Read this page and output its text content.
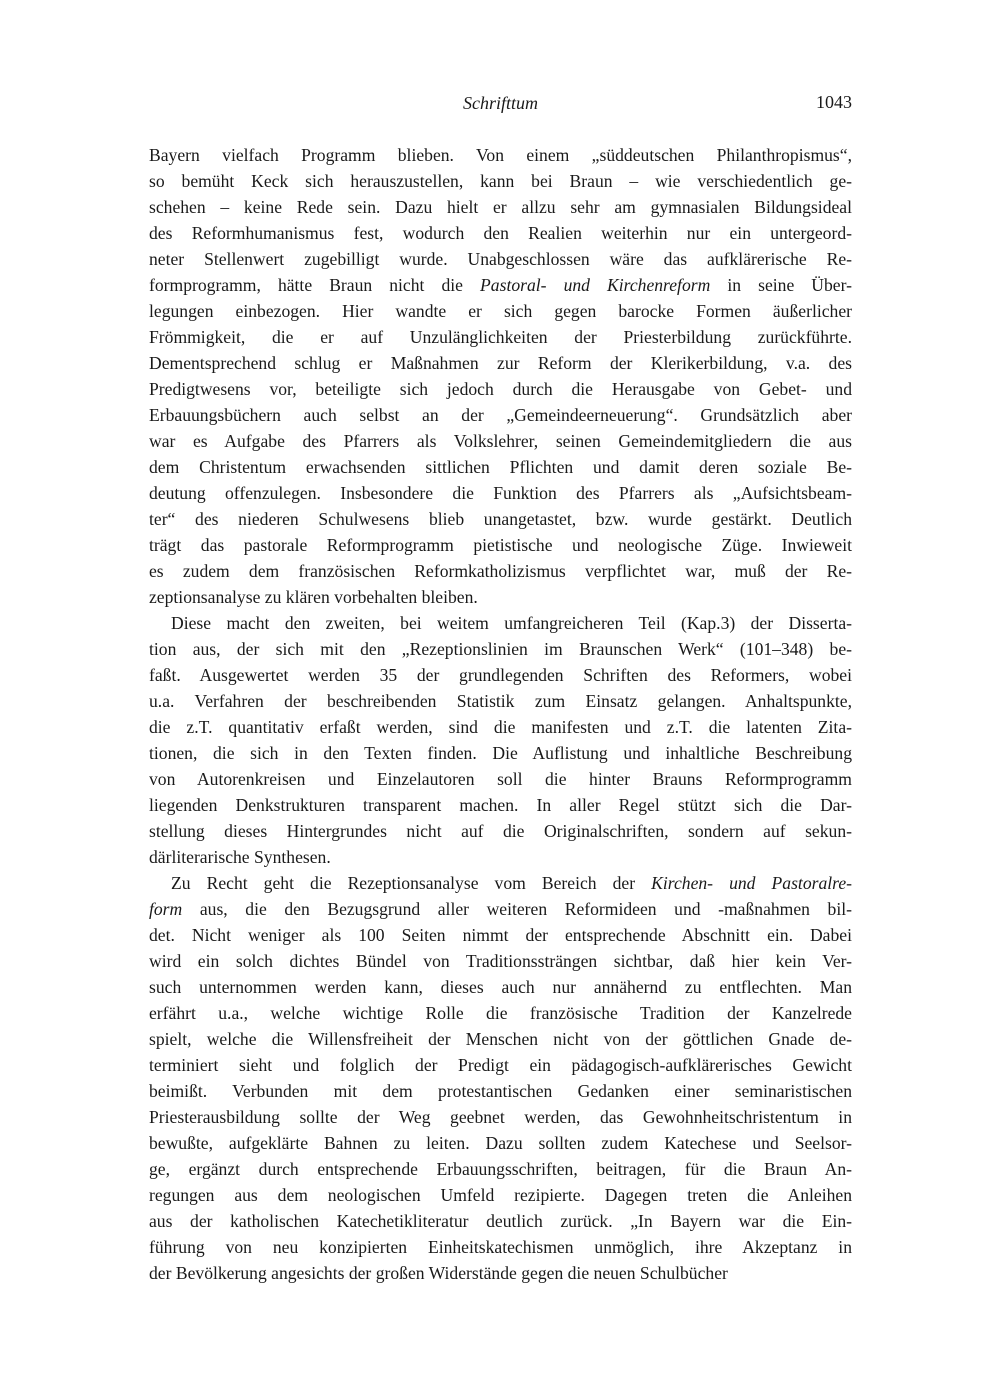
Schrifttum	1043
Bayern vielfach Programm blieben. Von einem „süddeutschen Philanthropismus“,
so bemüht Keck sich herauszustellen, kann bei Braun – wie verschiedentlich ge-
schehen – keine Rede sein. Dazu hielt er allzu sehr am gymnasialen Bildungsideal
des Reformhumanismus fest, wodurch den Realien weiterhin nur ein untergeord-
neter Stellenwert zugebilligt wurde. Unabgeschlossen wäre das aufklärerische Re-
formprogramm, hätte Braun nicht die Pastoral- und Kirchenreform in seine Über-
legungen einbezogen. Hier wandte er sich gegen barocke Formen äußerlicher
Frömmigkeit, die er auf Unzulänglichkeiten der Priesterbildung zurückführte.
Dementsprechend schlug er Maßnahmen zur Reform der Klerikerbildung, v.a. des
Predigtwesens vor, beteiligte sich jedoch durch die Herausgabe von Gebet- und
Erbauungsbüchern auch selbst an der „Gemeindeerneuerung“. Grundsätzlich aber
war es Aufgabe des Pfarrers als Volkslehrer, seinen Gemeindemitgliedern die aus
dem Christentum erwachsenden sittlichen Pflichten und damit deren soziale Be-
deutung offenzulegen. Insbesondere die Funktion des Pfarrers als „Aufsichtsbeam-
ter“ des niederen Schulwesens blieb unangetastet, bzw. wurde gestärkt. Deutlich
trägt das pastorale Reformprogramm pietistische und neologische Züge. Inwieweit
es zudem dem französischen Reformkatholizismus verpflichtet war, muß der Re-
zeptionsanalyse zu klären vorbehalten bleiben.
Diese macht den zweiten, bei weitem umfangreicheren Teil (Kap.3) der Disserta-
tion aus, der sich mit den „Rezeptionslinien im Braunschen Werk“ (101–348) be-
faßt. Ausgewertet werden 35 der grundlegenden Schriften des Reformers, wobei
u.a. Verfahren der beschreibenden Statistik zum Einsatz gelangen. Anhaltspunkte,
die z.T. quantitativ erfaßt werden, sind die manifesten und z.T. die latenten Zita-
tionen, die sich in den Texten finden. Die Auflistung und inhaltliche Beschreibung
von Autorenkreisen und Einzelautoren soll die hinter Brauns Reformprogramm
liegenden Denkstrukturen transparent machen. In aller Regel stützt sich die Dar-
stellung dieses Hintergrundes nicht auf die Originalschriften, sondern auf sekun-
därliterarische Synthesen.
Zu Recht geht die Rezeptionsanalyse vom Bereich der Kirchen- und Pastoralre-
form aus, die den Bezugsgrund aller weiteren Reformideen und -maßnahmen bil-
det. Nicht weniger als 100 Seiten nimmt der entsprechende Abschnitt ein. Dabei
wird ein solch dichtes Bündel von Traditionssträngen sichtbar, daß hier kein Ver-
such unternommen werden kann, dieses auch nur annähernd zu entflechten. Man
erfährt u.a., welche wichtige Rolle die französische Tradition der Kanzelrede
spielt, welche die Willensfreiheit der Menschen nicht von der göttlichen Gnade de-
terminiert sieht und folglich der Predigt ein pädagogisch-aufklärerisches Gewicht
beimißt. Verbunden mit dem protestantischen Gedanken einer seminaristischen
Priesterausbildung sollte der Weg geebnet werden, das Gewohnheitschristentum in
bewußte, aufgeklärte Bahnen zu leiten. Dazu sollten zudem Katechese und Seelsor-
ge, ergänzt durch entsprechende Erbauungsschriften, beitragen, für die Braun An-
regungen aus dem neologischen Umfeld rezipierte. Dagegen treten die Anleihen
aus der katholischen Katechetikliteratur deutlich zurück. „In Bayern war die Ein-
führung von neu konzipierten Einheitskatechismen unmöglich, ihre Akzeptanz in
der Bevölkerung angesichts der großen Widerstände gegen die neuen Schulbücher
